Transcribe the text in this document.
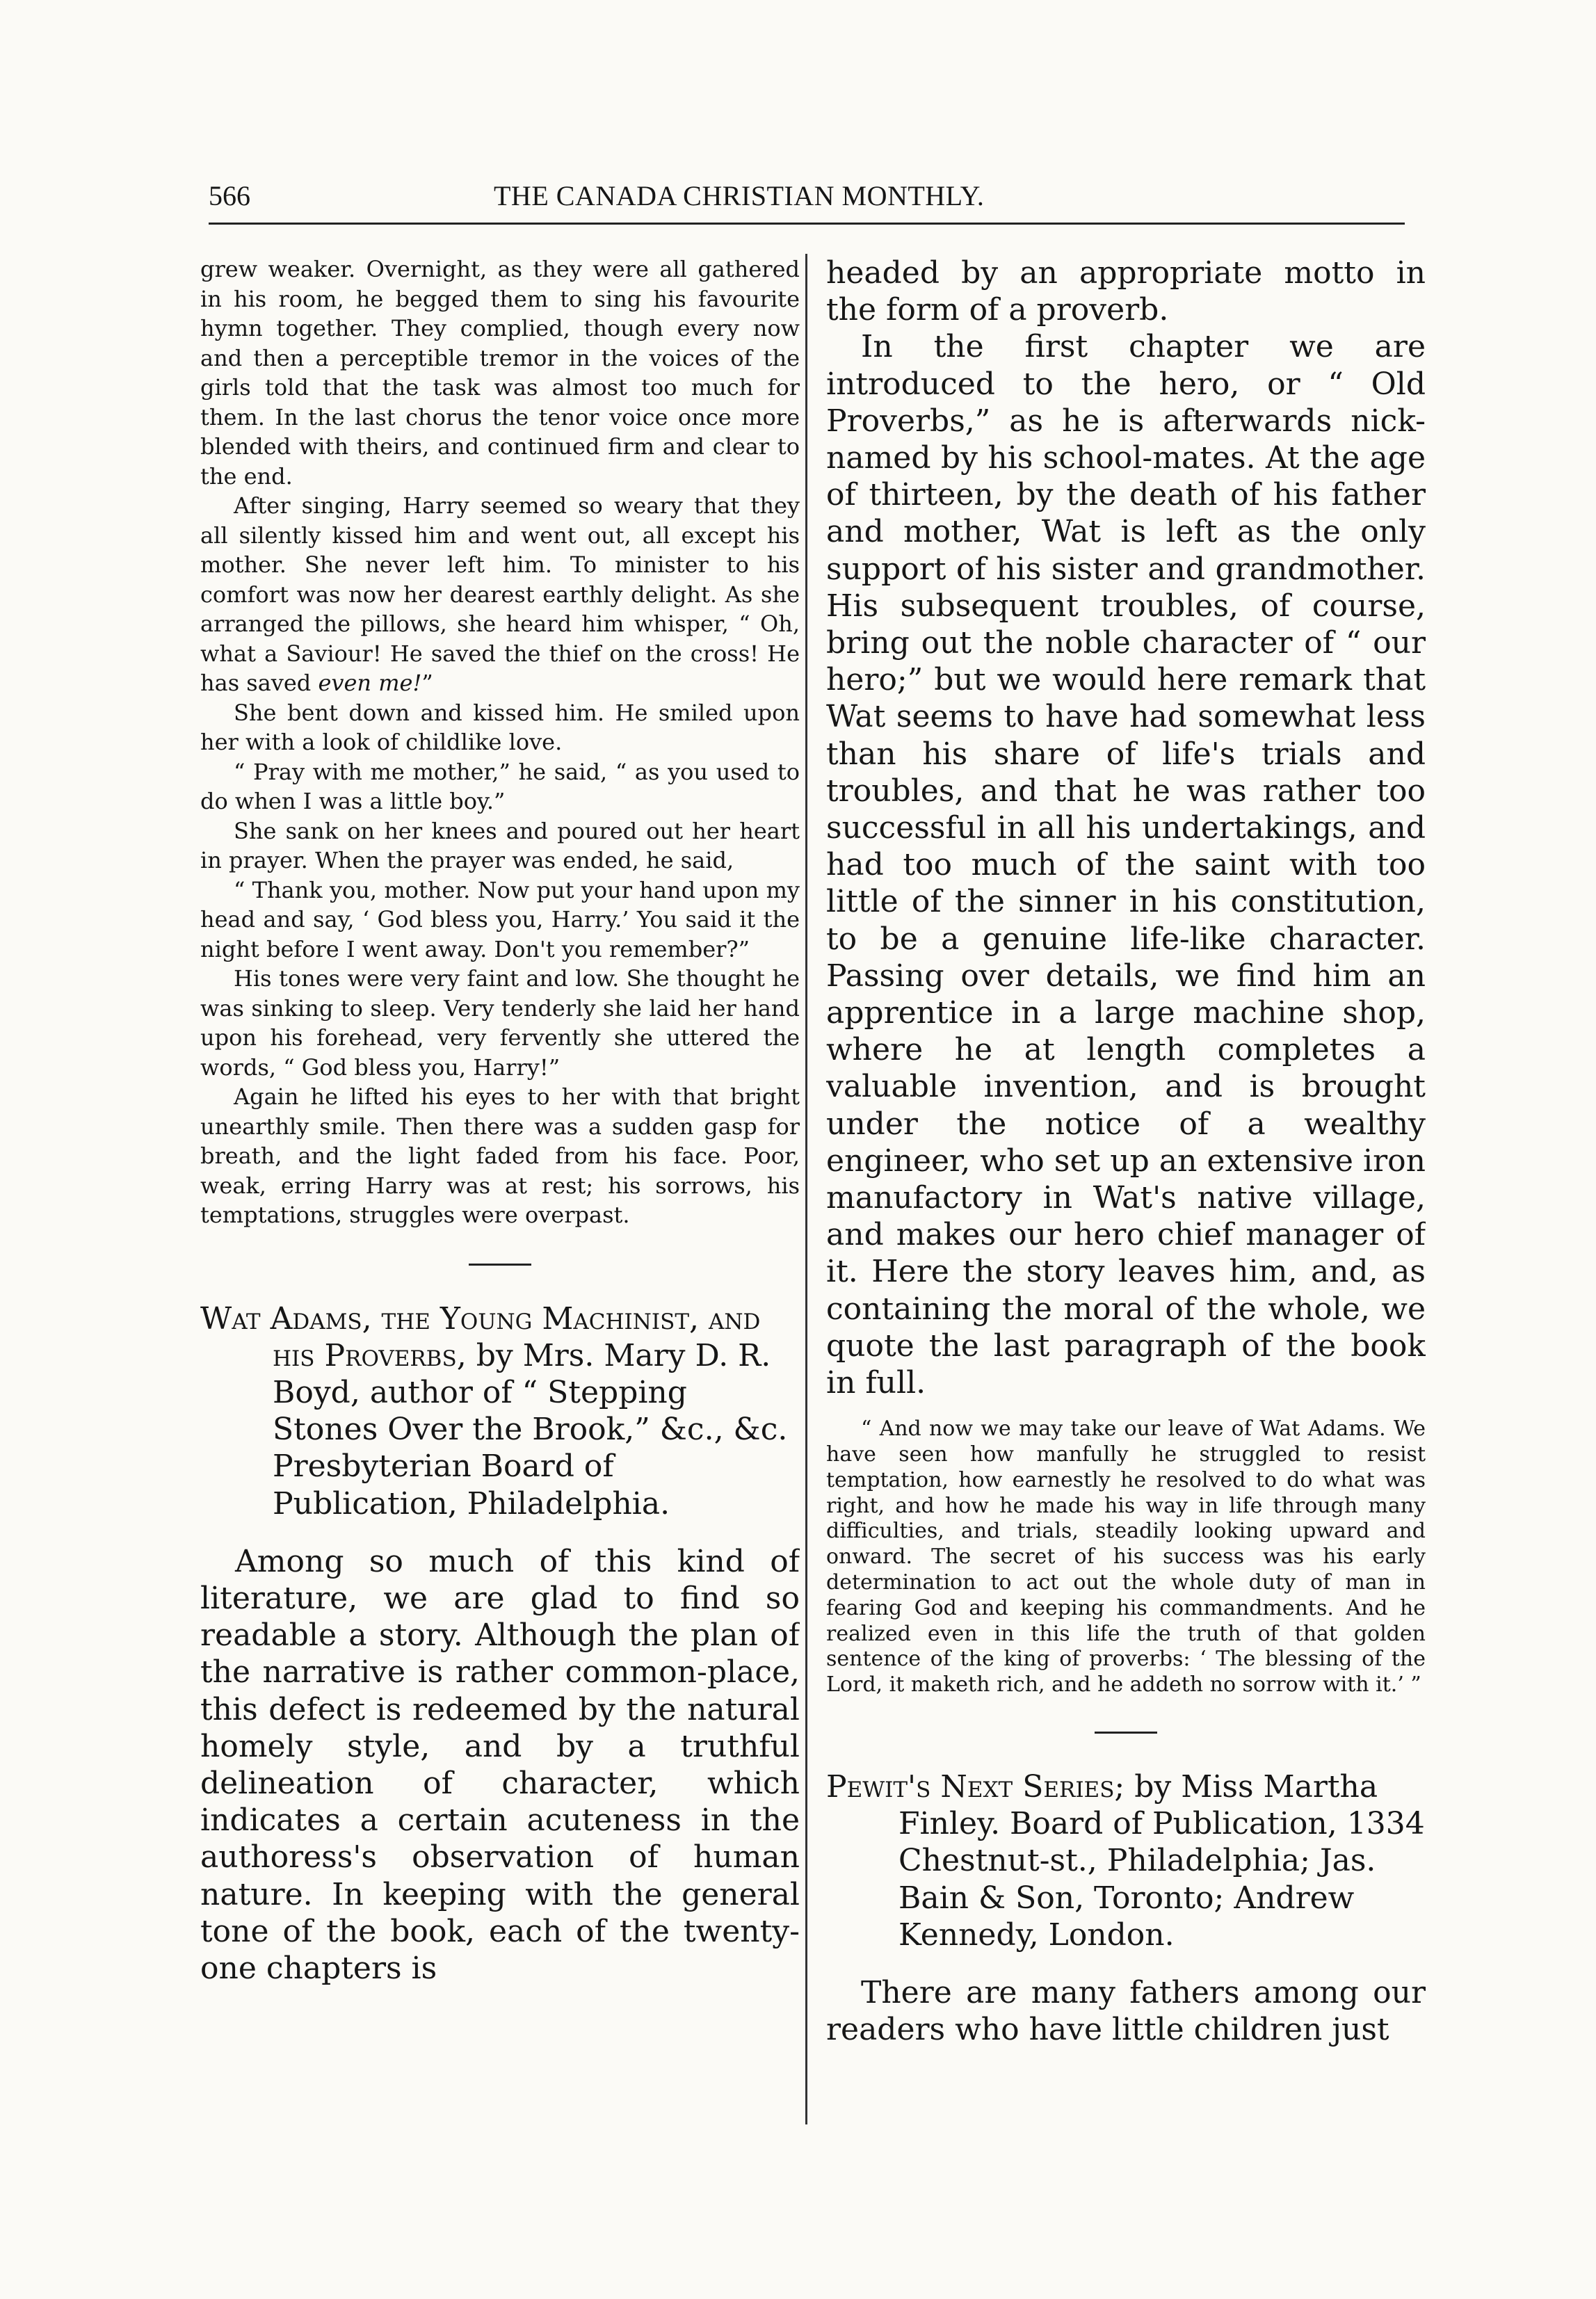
566	THE CANADA CHRISTIAN MONTHLY.

grew weaker. Overnight, as they were all gathered in his room, he begged them to sing his favourite hymn together. They complied, though every now and then a perceptible tremor in the voices of the girls told that the task was almost too much for them. In the last chorus the tenor voice once more blended with theirs, and continued firm and clear to the end.

After singing, Harry seemed so weary that they all silently kissed him and went out, all except his mother. She never left him. To minister to his comfort was now her dearest earthly delight. As she arranged the pillows, she heard him whisper, “ Oh, what a Saviour! He saved the thief on the cross! He has saved even me!”

She bent down and kissed him. He smiled upon her with a look of childlike love.

“ Pray with me mother,” he said, “ as you used to do when I was a little boy.”

She sank on her knees and poured out her heart in prayer. When the prayer was ended, he said,

“ Thank you, mother. Now put your hand upon my head and say, ‘ God bless you, Harry.’ You said it the night before I went away. Don't you remember?”

His tones were very faint and low. She thought he was sinking to sleep. Very tenderly she laid her hand upon his forehead, very fervently she uttered the words, “ God bless you, Harry!”

Again he lifted his eyes to her with that bright unearthly smile. Then there was a sudden gasp for breath, and the light faded from his face. Poor, weak, erring Harry was at rest; his sorrows, his temptations, struggles were overpast.

Wat Adams, the Young Machinist, and his Proverbs, by Mrs. Mary D. R. Boyd, author of “ Stepping Stones Over the Brook,” &c., &c. Presbyterian Board of Publication, Philadelphia.

Among so much of this kind of literature, we are glad to find so readable a story. Although the plan of the narrative is rather common-place, this defect is redeemed by the natural homely style, and by a truthful delineation of character, which indicates a certain acuteness in the authoress's observation of human nature. In keeping with the general tone of the book, each of the twenty-one chapters is

headed by an appropriate motto in the form of a proverb.

In the first chapter we are introduced to the hero, or “ Old Proverbs,” as he is afterwards nick-named by his school-mates. At the age of thirteen, by the death of his father and mother, Wat is left as the only support of his sister and grandmother. His subsequent troubles, of course, bring out the noble character of “ our hero;” but we would here remark that Wat seems to have had somewhat less than his share of life's trials and troubles, and that he was rather too successful in all his undertakings, and had too much of the saint with too little of the sinner in his constitution, to be a genuine life-like character. Passing over details, we find him an apprentice in a large machine shop, where he at length completes a valuable invention, and is brought under the notice of a wealthy engineer, who set up an extensive iron manufactory in Wat's native village, and makes our hero chief manager of it. Here the story leaves him, and, as containing the moral of the whole, we quote the last paragraph of the book in full.

“ And now we may take our leave of Wat Adams. We have seen how manfully he struggled to resist temptation, how earnestly he resolved to do what was right, and how he made his way in life through many difficulties, and trials, steadily looking upward and onward. The secret of his success was his early determination to act out the whole duty of man in fearing God and keeping his commandments. And he realized even in this life the truth of that golden sentence of the king of proverbs: ‘ The blessing of the Lord, it maketh rich, and he addeth no sorrow with it.’ ”

Pewit's Next Series; by Miss Martha Finley. Board of Publication, 1334 Chestnut-st., Philadelphia; Jas. Bain & Son, Toronto; Andrew Kennedy, London.

There are many fathers among our readers who have little children just
